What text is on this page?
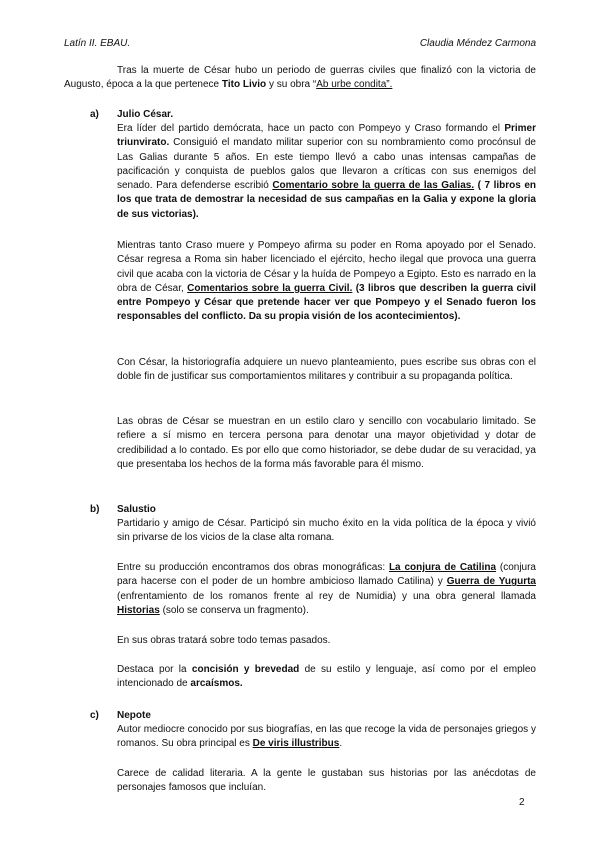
Latín II. EBAU.	Claudia Méndez Carmona

Tras la muerte de César hubo un periodo de guerras civiles que finalizó con la victoria de Augusto, época a la que pertenece Tito Livio y su obra “Ab urbe condita”.

a) Julio César.

Era líder del partido demócrata, hace un pacto con Pompeyo y Craso formando el Primer triunvirato. Consiguió el mandato militar superior con su nombramiento como procónsul de Las Galias durante 5 años. En este tiempo llevó a cabo unas intensas campañas de pacificación y conquista de pueblos galos que llevaron a críticas con sus enemigos del senado. Para defenderse escribió Comentario sobre la guerra de las Galias. ( 7 libros en los que trata de demostrar la necesidad de sus campañas en la Galia y expone la gloria de sus victorias).

Mientras tanto Craso muere y Pompeyo afirma su poder en Roma apoyado por el Senado. César regresa a Roma sin haber licenciado el ejército, hecho ilegal que provoca una guerra civil que acaba con la victoria de César y la huída de Pompeyo a Egipto. Esto es narrado en la obra de César, Comentarios sobre la guerra Civil. (3 libros que describen la guerra civil entre Pompeyo y César que pretende hacer ver que Pompeyo y el Senado fueron los responsables del conflicto. Da su propia visión de los acontecimientos).

Con César, la historiografía adquiere un nuevo planteamiento, pues escribe sus obras con el doble fin de justificar sus comportamientos militares y contribuir a su propaganda política.

Las obras de César se muestran en un estilo claro y sencillo con vocabulario limitado. Se refiere a sí mismo en tercera persona para denotar una mayor objetividad y dotar de credibilidad a lo contado. Es por ello que como historiador, se debe dudar de su veracidad, ya que presentaba los hechos de la forma más favorable para él mismo.

b) Salustio

Partidario y amigo de César. Participó sin mucho éxito en la vida política de la época y vivió sin privarse de los vicios de la clase alta romana.

Entre su producción encontramos dos obras monográficas: La conjura de Catilina (conjura para hacerse con el poder de un hombre ambicioso llamado Catilina) y Guerra de Yugurta (enfrentamiento de los romanos frente al rey de Numidia) y una obra general llamada Historias (solo se conserva un fragmento).

En sus obras tratará sobre todo temas pasados.

Destaca por la concisión y brevedad de su estilo y lenguaje, así como por el empleo intencionado de arcaísmos.

c) Nepote

Autor mediocre conocido por sus biografías, en las que recoge la vida de personajes griegos y romanos. Su obra principal es De viris illustribus.

Carece de calidad literaria. A la gente le gustaban sus historias por las anécdotas de personajes famosos que incluían.

2
